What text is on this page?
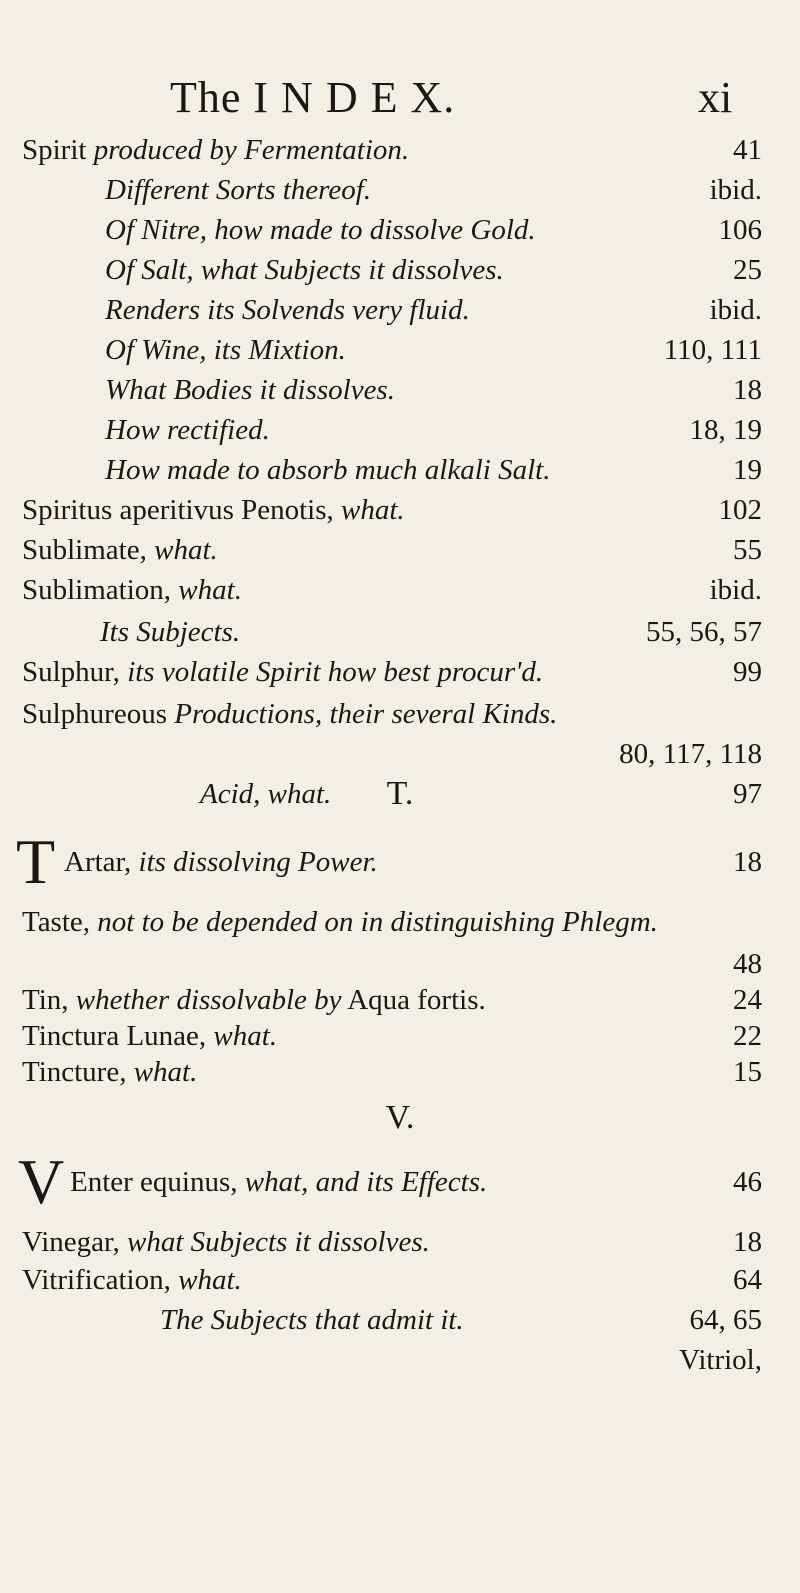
The I N D E X.	xi
Spirit produced by Fermentation.	41
Different Sorts thereof.	ibid.
Of Nitre, how made to dissolve Gold.	106
Of Salt, what Subjects it dissolves.	25
Renders its Solvends very fluid.	ibid.
Of Wine, its Mixtion.	110, 111
What Bodies it dissolves.	18
How rectified.	18, 19
How made to absorb much alkali Salt.	19
Spiritus aperitivus Penotis, what.	102
Sublimate, what.	55
Sublimation, what.	ibid.
Its Subjects.	55, 56, 57
Sulphur, its volatile Spirit how best procur'd.	99
Sulphureous Productions, their several Kinds.
80, 117, 118
Acid, what.	97
T.
Artar, its dissolving Power.	18
T
Taste, not to be depended on in distinguishing Phlegm.
48
Tin, whether dissolvable by Aqua fortis.	24
Tinctura Lunae, what.	22
Tincture, what.	15
V.
Enter equinus, what, and its Effects.	46
V
Vinegar, what Subjects it dissolves.	18
Vitrification, what.	64
The Subjects that admit it.	64, 65
Vitriol,
